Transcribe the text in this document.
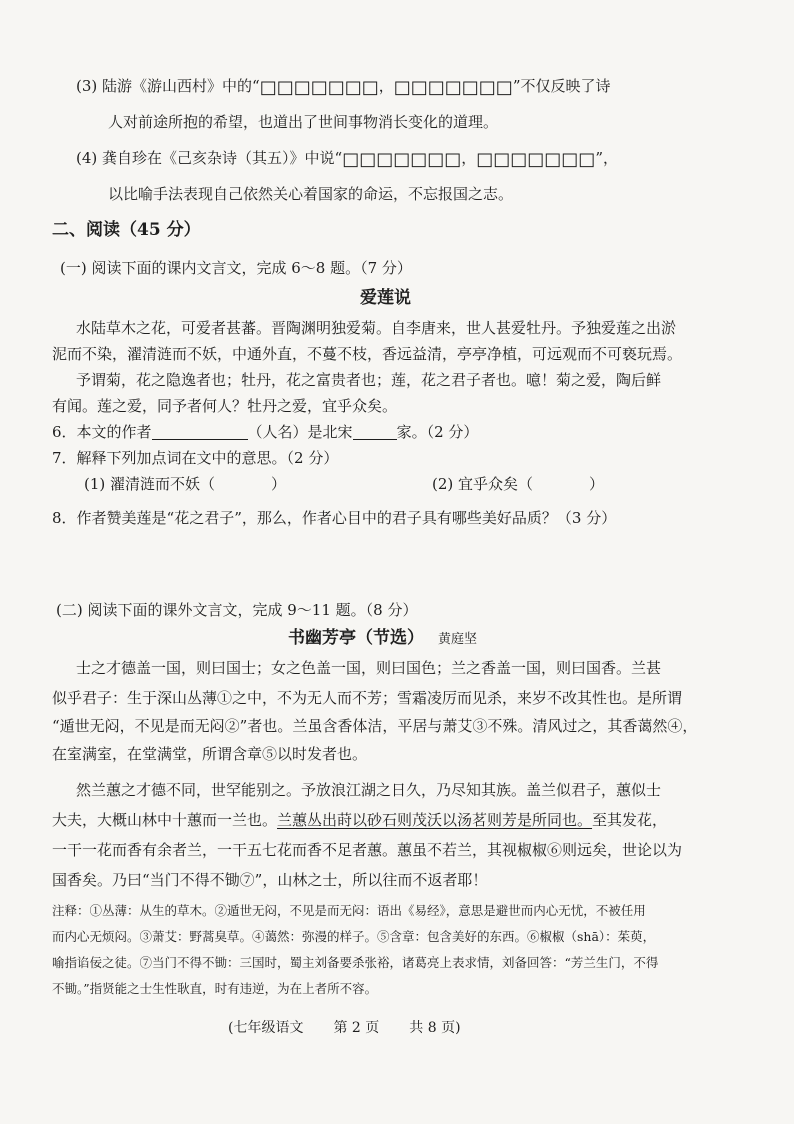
(3) 陆游《游山西村》中的“□□□□□□□，□□□□□□□”不仅反映了诗
人对前途所抱的希望，也道出了世间事物消长变化的道理。
(4) 龚自珍在《己亥杂诗（其五）》中说“□□□□□□□，□□□□□□□”，
以比喻手法表现自己依然关心着国家的命运，不忘报国之志。
二、阅读（45 分）
(一) 阅读下面的课内文言文，完成 6～8 题。（7 分）
爱莲说
水陆草木之花，可爱者甚蕃。晋陶渊明独爱菊。自李唐来，世人甚爱牡丹。予独爱莲之出淤
泥而不染，濯清涟而不妖，中通外直，不蔓不枝，香远益清，亭亭净植，可远观而不可亵玩焉。
予谓菊，花之隐逸者也；牡丹，花之富贵者也；莲，花之君子者也。噫！菊之爱，陶后鲜
有闻。莲之爱，同予者何人？牡丹之爱，宜乎众矣。
6．本文的作者	（人名）是北宋	家。（2 分）
7．解释下列加点词在文中的意思。（2 分）
(1) 濯清涟而不妖（	）	(2) 宜乎众矣（	）
8．作者赞美莲是“花之君子”，那么，作者心目中的君子具有哪些美好品质？（3 分）
(二) 阅读下面的课外文言文，完成 9～11 题。（8 分）
书幽芳亭（节选） 黄庭坚
士之才德盖一国，则曰国士；女之色盖一国，则曰国色；兰之香盖一国，则曰国香。兰甚
似乎君子：生于深山丛薄①之中，不为无人而不芳；雪霜凌厉而见杀，来岁不改其性也。是所谓
“遁世无闷，不见是而无闷②”者也。兰虽含香体洁，平居与萧艾③不殊。清风过之，其香蔼然④，
在室满室，在堂满堂，所谓含章⑤以时发者也。
然兰蕙之才德不同，世罕能别之。予放浪江湖之日久，乃尽知其族。盖兰似君子，蕙似士
大夫，大概山林中十蕙而一兰也。兰蕙丛出莳以砂石则茂沃以汤茗则芳是所同也。至其发花，
一干一花而香有余者兰，一干五七花而香不足者蕙。蕙虽不若兰，其视椒椒⑥则远矣，世论以为
国香矣。乃曰“当门不得不锄⑦”，山林之士，所以往而不返者耶！
注释：①丛薄：从生的草木。②遁世无闷，不见是而无闷：语出《易经》，意思是避世而内心无忧，不被任用
而内心无烦闷。③萧艾：野蒿臭草。④蔼然：弥漫的样子。⑤含章：包含美好的东西。⑥椒椒（shā）：茱萸，
喻指谄佞之徒。⑦当门不得不锄：三国时，蜀主刘备要杀张裕，诸葛亮上表求情，刘备回答：“芳兰生门，不得
不锄。”指贤能之士生性耿直，时有违逆，为在上者所不容。
(七年级语文 第 2 页 共 8 页)
